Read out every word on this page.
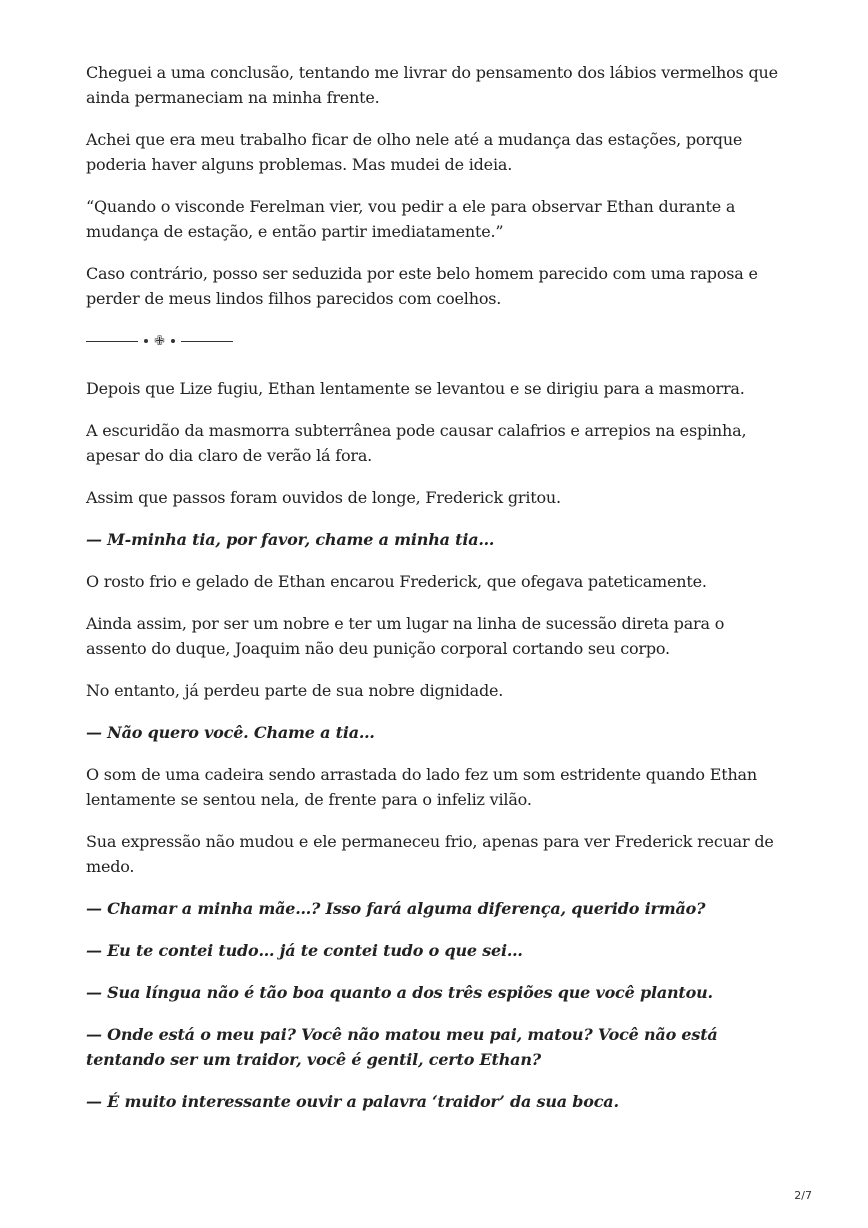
Cheguei a uma conclusão, tentando me livrar do pensamento dos lábios vermelhos que ainda permaneciam na minha frente.

Achei que era meu trabalho ficar de olho nele até a mudança das estações, porque poderia haver alguns problemas. Mas mudei de ideia.

“Quando o visconde Ferelman vier, vou pedir a ele para observar Ethan durante a mudança de estação, e então partir imediatamente.”

Caso contrário, posso ser seduzida por este belo homem parecido com uma raposa e perder de meus lindos filhos parecidos com coelhos.

✙

Depois que Lize fugiu, Ethan lentamente se levantou e se dirigiu para a masmorra.

A escuridão da masmorra subterrânea pode causar calafrios e arrepios na espinha, apesar do dia claro de verão lá fora.

Assim que passos foram ouvidos de longe, Frederick gritou.

— M-minha tia, por favor, chame a minha tia…

O rosto frio e gelado de Ethan encarou Frederick, que ofegava pateticamente.

Ainda assim, por ser um nobre e ter um lugar na linha de sucessão direta para o assento do duque, Joaquim não deu punição corporal cortando seu corpo.

No entanto, já perdeu parte de sua nobre dignidade.

— Não quero você. Chame a tia…

O som de uma cadeira sendo arrastada do lado fez um som estridente quando Ethan lentamente se sentou nela, de frente para o infeliz vilão.

Sua expressão não mudou e ele permaneceu frio, apenas para ver Frederick recuar de medo.

— Chamar a minha mãe…? Isso fará alguma diferença, querido irmão?

— Eu te contei tudo… já te contei tudo o que sei…

— Sua língua não é tão boa quanto a dos três espiões que você plantou.

— Onde está o meu pai? Você não matou meu pai, matou? Você não está tentando ser um traidor, você é gentil, certo Ethan?

— É muito interessante ouvir a palavra ‘traidor’ da sua boca.

2/7
